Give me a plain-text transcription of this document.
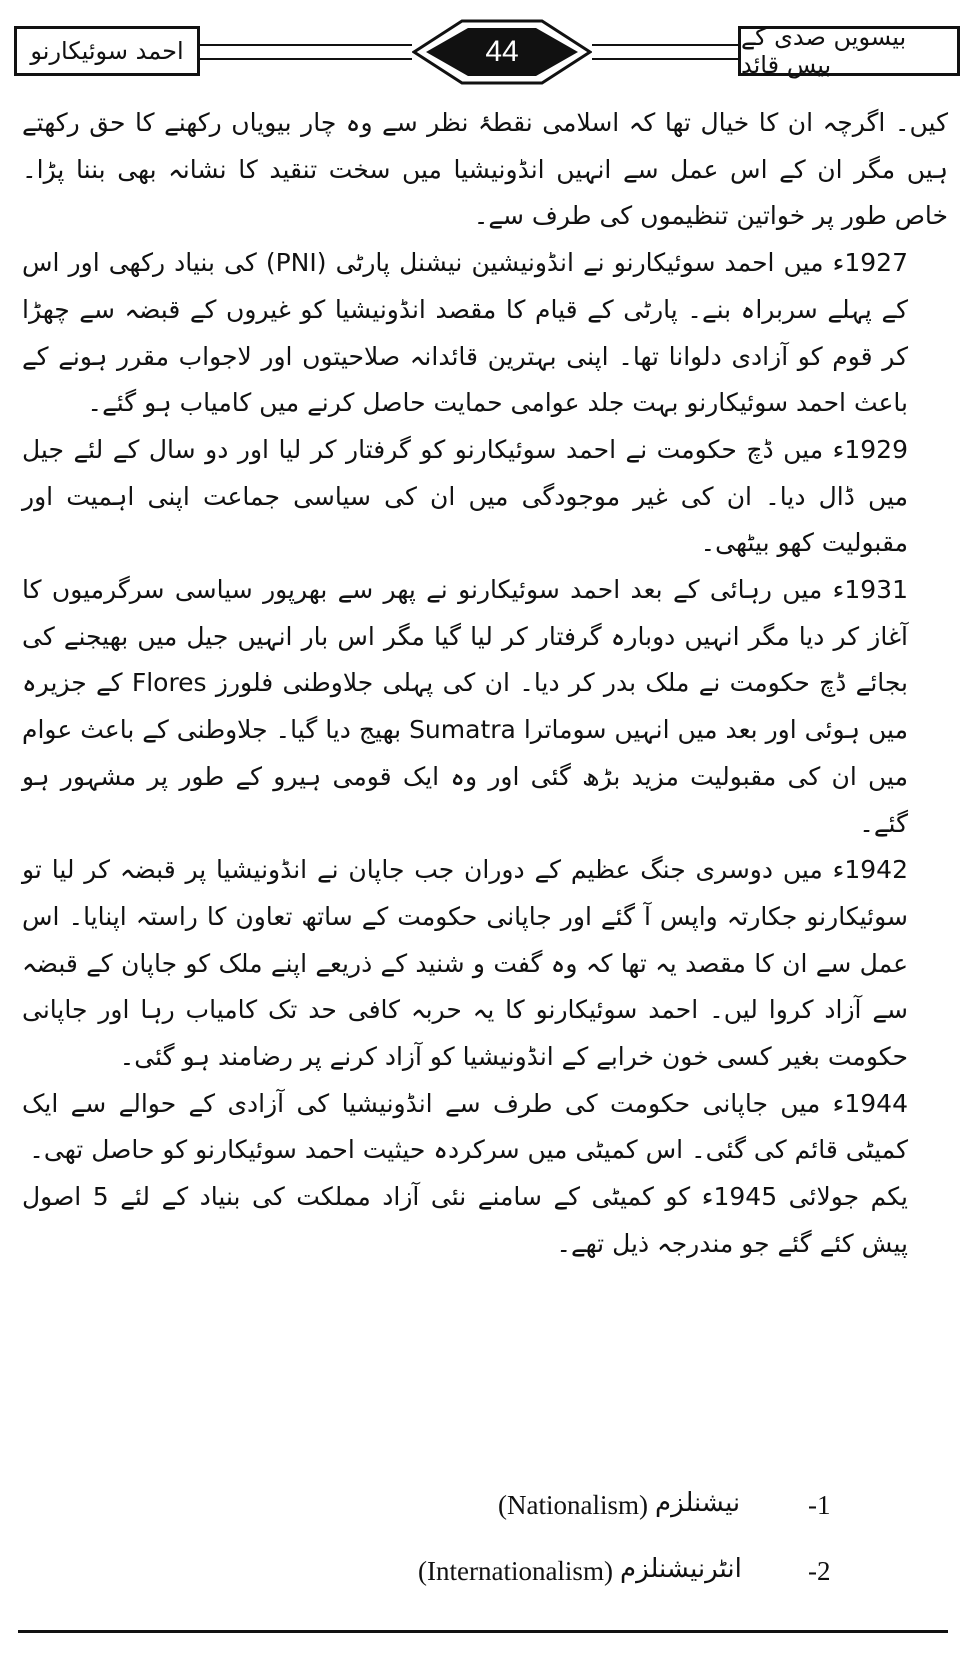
احمد سوئیکارنو	44	بیسویں صدی کے بیس قائد

کیں۔ اگرچہ ان کا خیال تھا کہ اسلامی نقطۂ نظر سے وہ چار بیویاں رکھنے کا حق رکھتے ہیں مگر ان کے اس عمل سے انہیں انڈونیشیا میں سخت تنقید کا نشانہ بھی بننا پڑا۔ خاص طور پر خواتین تنظیموں کی طرف سے۔

1927ء میں احمد سوئیکارنو نے انڈونیشین نیشنل پارٹی (PNI) کی بنیاد رکھی اور اس کے پہلے سربراہ بنے۔ پارٹی کے قیام کا مقصد انڈونیشیا کو غیروں کے قبضہ سے چھڑا کر قوم کو آزادی دلوانا تھا۔ اپنی بہترین قائدانہ صلاحیتوں اور لاجواب مقرر ہونے کے باعث احمد سوئیکارنو بہت جلد عوامی حمایت حاصل کرنے میں کامیاب ہو گئے۔

1929ء میں ڈچ حکومت نے احمد سوئیکارنو کو گرفتار کر لیا اور دو سال کے لئے جیل میں ڈال دیا۔ ان کی غیر موجودگی میں ان کی سیاسی جماعت اپنی اہمیت اور مقبولیت کھو بیٹھی۔

1931ء میں رہائی کے بعد احمد سوئیکارنو نے پھر سے بھرپور سیاسی سرگرمیوں کا آغاز کر دیا مگر انہیں دوبارہ گرفتار کر لیا گیا مگر اس بار انہیں جیل میں بھیجنے کی بجائے ڈچ حکومت نے ملک بدر کر دیا۔ ان کی پہلی جلاوطنی فلورز Flores کے جزیرہ میں ہوئی اور بعد میں انہیں سوماترا Sumatra بھیج دیا گیا۔ جلاوطنی کے باعث عوام میں ان کی مقبولیت مزید بڑھ گئی اور وہ ایک قومی ہیرو کے طور پر مشہور ہو گئے۔

1942ء میں دوسری جنگ عظیم کے دوران جب جاپان نے انڈونیشیا پر قبضہ کر لیا تو سوئیکارنو جکارتہ واپس آ گئے اور جاپانی حکومت کے ساتھ تعاون کا راستہ اپنایا۔ اس عمل سے ان کا مقصد یہ تھا کہ وہ گفت و شنید کے ذریعے اپنے ملک کو جاپان کے قبضہ سے آزاد کروا لیں۔ احمد سوئیکارنو کا یہ حربہ کافی حد تک کامیاب رہا اور جاپانی حکومت بغیر کسی خون خرابے کے انڈونیشیا کو آزاد کرنے پر رضامند ہو گئی۔

1944ء میں جاپانی حکومت کی طرف سے انڈونیشیا کی آزادی کے حوالے سے ایک کمیٹی قائم کی گئی۔ اس کمیٹی میں سرکردہ حیثیت احمد سوئیکارنو کو حاصل تھی۔

یکم جولائی 1945ء کو کمیٹی کے سامنے نئی آزاد مملکت کی بنیاد کے لئے 5 اصول پیش کئے گئے جو مندرجہ ذیل تھے۔

-1
نیشنلزم
(Nationalism)
-2
انٹرنیشنلزم
(Internationalism)
